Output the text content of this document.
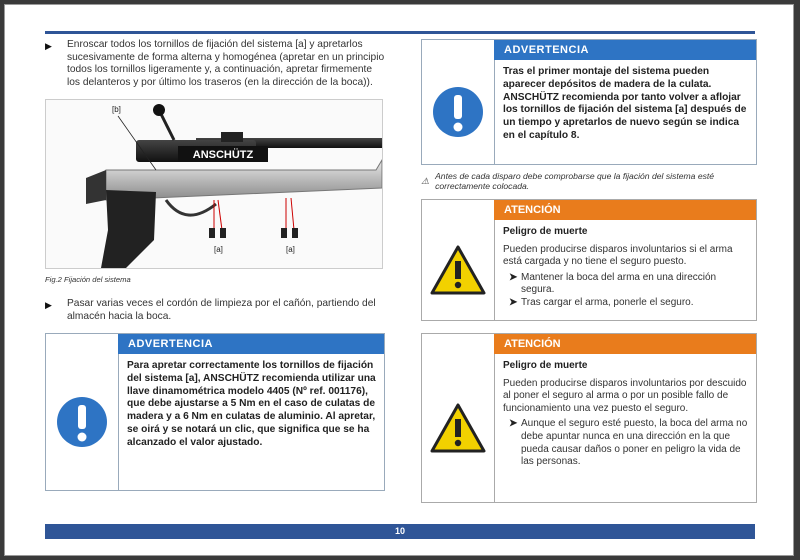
▶ Enroscar todos los tornillos de fijación del sistema [a] y apretarlos sucesivamente de forma alterna y homogénea (apretar en un principio todos los tornillos ligeramente y, a continuación, apretar firmemente los delanteros y por último los traseros (en la dirección de la boca)).
ANSCHÜTZ
[b]
[a]	[a]
Fig.2 Fijación del sistema
▶ Pasar varias veces el cordón de limpieza por el cañón, partiendo del almacén hacia la boca.
ADVERTENCIA
Para apretar correctamente los tornillos de fijación del sistema [a], ANSCHÜTZ recomienda utilizar una llave dinamométrica modelo 4405 (Nº ref. 001176), que debe ajustarse a 5 Nm en el caso de culatas de madera y a 6 Nm en culatas de aluminio. Al apretar, se oirá y se notará un clic, que significa que se ha alcanzado el valor ajustado.
ADVERTENCIA
Tras el primer montaje del sistema pueden aparecer depósitos de madera de la culata. ANSCHÜTZ recomienda por tanto volver a aflojar los tornillos de fijación del sistema [a] después de un tiempo y apretarlos de nuevo según se indica en el capítulo 8.
⚠ Antes de cada disparo debe comprobarse que la fijación del sistema esté correctamente colocada.
ATENCIÓN
Peligro de muerte
Pueden producirse disparos involuntarios si el arma está cargada y no tiene el seguro puesto.
➤ Mantener la boca del arma en una dirección segura.
➤ Tras cargar el arma, ponerle el seguro.
ATENCIÓN
Peligro de muerte
Pueden producirse disparos involuntarios por descuido al poner el seguro al arma o por un posible fallo de funcionamiento una vez puesto el seguro.
➤ Aunque el seguro esté puesto, la boca del arma no debe apuntar nunca en una dirección en la que pueda causar daños o poner en peligro la vida de las personas.
10
